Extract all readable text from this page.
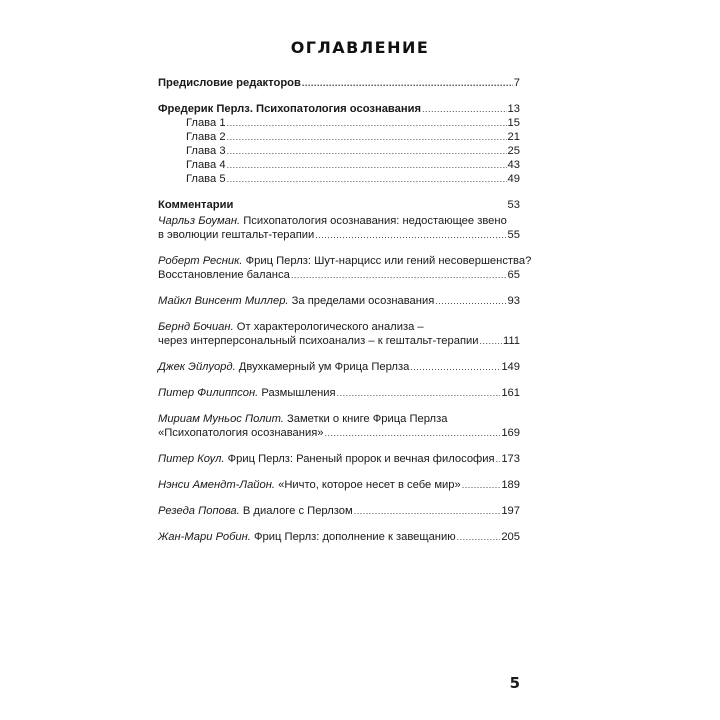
ОГЛАВЛЕНИЕ
Предисловие редакторов .....	7
Фредерик Перлз. Психопатология осознавания .....	13
Глава 1 .....	15
Глава 2 .....	21
Глава 3 .....	25
Глава 4 .....	43
Глава 5 .....	49
Комментарии	53
Чарльз Боуман. Психопатология осознавания: недостающее звено
в эволюции гештальт-терапии .....	55
Роберт Ресник. Фриц Перлз: Шут-нарцисс или гений несовершенства?
Восстановление баланса .....	65
Майкл Винсент Миллер. За пределами осознавания .....	93
Бернд Бочиан. От характерологического анализа –
через интерперсональный психоанализ – к гештальт-терапии ..... 111
Джек Эйлуорд. Двухкамерный ум Фрица Перлза .....	149
Питер Филиппсон. Размышления .....	161
Мириам Муньос Полит. Заметки о книге Фрица Перлза
«Психопатология осознавания» .....	169
Питер Коул. Фриц Перлз: Раненый пророк и вечная философия ..... 173
Нэнси Амендт-Лайон. «Ничто, которое несет в себе мир» .....	189
Резеда Попова. В диалоге с Перлзом .....	197
Жан-Мари Робин. Фриц Перлз: дополнение к завещанию .....	205
5
